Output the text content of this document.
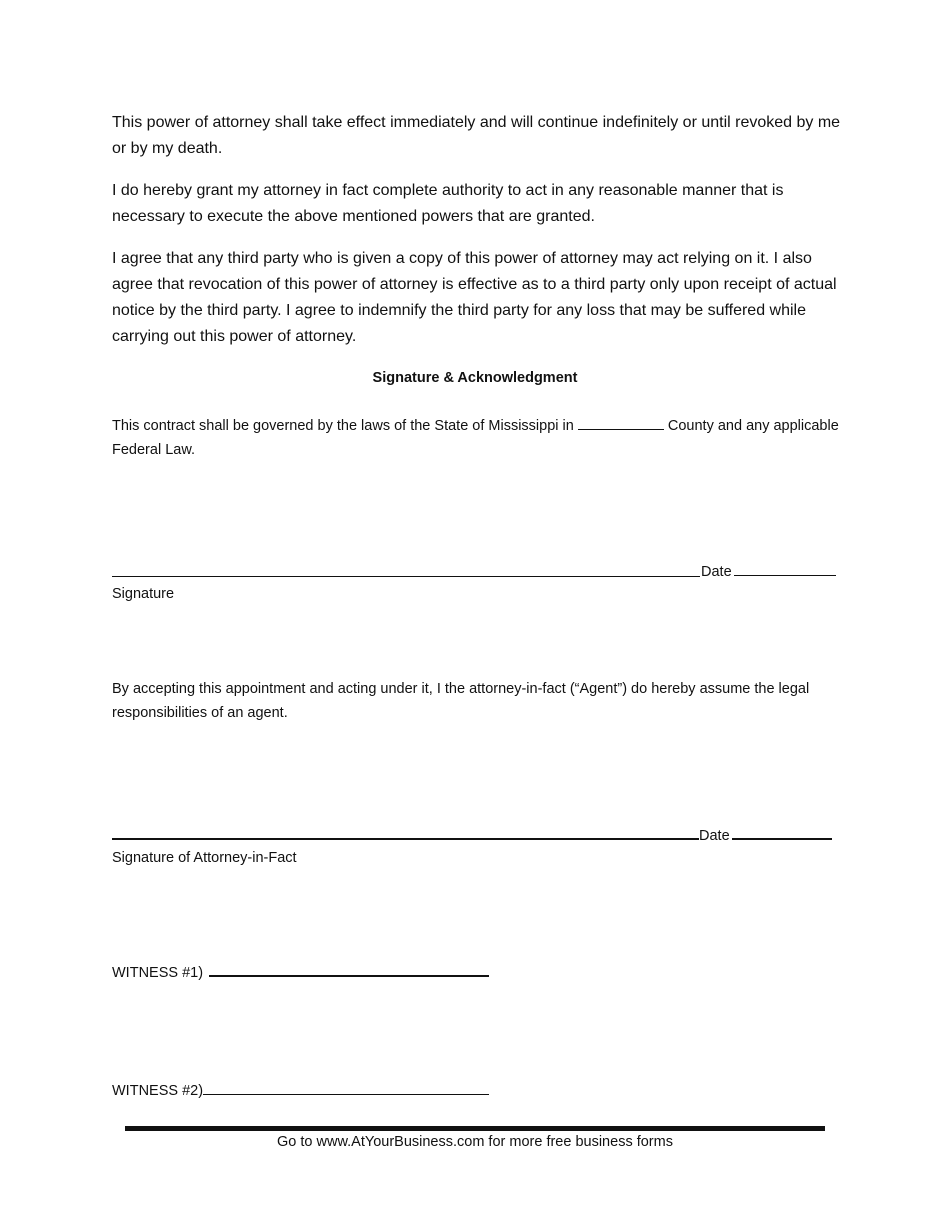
This power of attorney shall take effect immediately and will continue indefinitely or until revoked by me or by my death.

I do hereby grant my attorney in fact complete authority to act in any reasonable manner that is necessary to execute the above mentioned powers that are granted.

I agree that any third party who is given a copy of this power of attorney may act relying on it. I also agree that revocation of this power of attorney is effective as to a third party only upon receipt of actual notice by the third party. I agree to indemnify the third party for any loss that may be suffered while carrying out this power of attorney.

Signature & Acknowledgment

This contract shall be governed by the laws of the State of Mississippi in	County and any applicable Federal Law.

Date
Signature

By accepting this appointment and acting under it, I the attorney-in-fact (“Agent”) do hereby assume the legal responsibilities of an agent.

Date
Signature of Attorney-in-Fact
WITNESS #1)
WITNESS #2)
Go to www.AtYourBusiness.com for more free business forms
